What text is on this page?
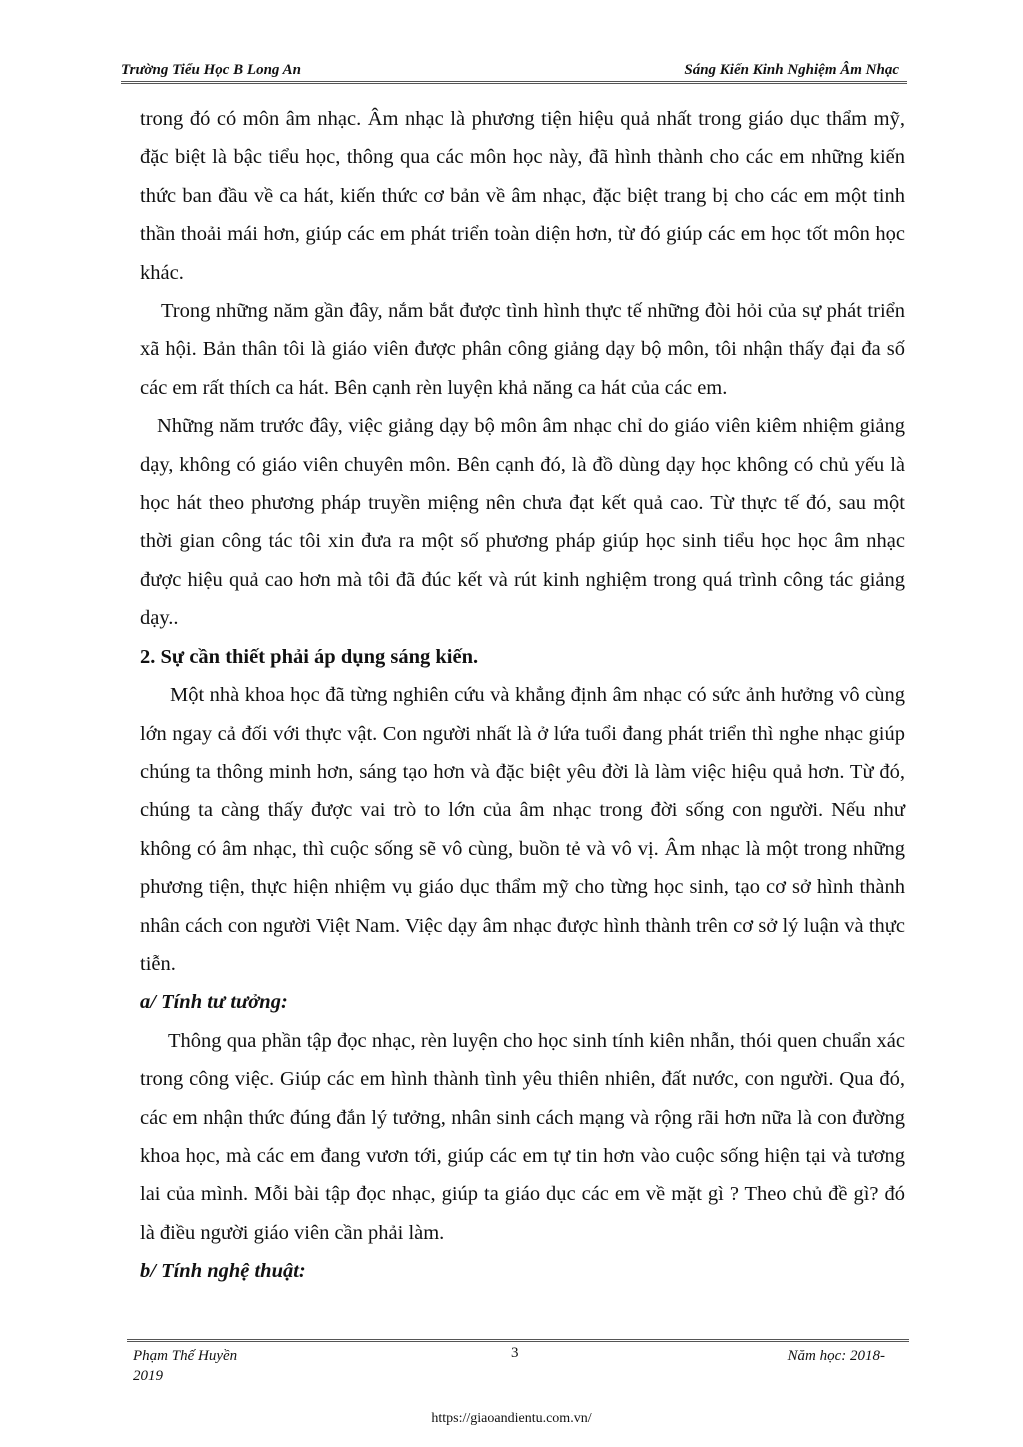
Trường Tiểu Học B Long An	Sáng Kiến Kinh Nghiệm Âm Nhạc

trong đó có môn âm nhạc. Âm nhạc là phương tiện hiệu quả nhất trong giáo dục thẩm mỹ, đặc biệt là bậc tiểu học, thông qua các môn học này, đã hình thành cho các em những kiến thức ban đầu về ca hát, kiến thức cơ bản về âm nhạc, đặc biệt trang bị cho các em một tinh thần thoải mái hơn, giúp các em phát triển toàn diện hơn, từ đó giúp các em học tốt môn học khác.

Trong những năm gần đây, nắm bắt được tình hình thực tế những đòi hỏi của sự phát triển xã hội. Bản thân tôi là giáo viên được phân công giảng dạy bộ môn, tôi nhận thấy đại đa số các em rất thích ca hát. Bên cạnh rèn luyện khả năng ca hát của các em.

Những năm trước đây, việc giảng dạy bộ môn âm nhạc chỉ do giáo viên kiêm nhiệm giảng dạy, không có giáo viên chuyên môn. Bên cạnh đó, là đồ dùng dạy học không có chủ yếu là học hát theo phương pháp truyền miệng nên chưa đạt kết quả cao. Từ thực tế đó, sau một thời gian công tác tôi xin đưa ra một số phương pháp giúp học sinh tiểu học học âm nhạc được hiệu quả cao hơn mà tôi đã đúc kết và rút kinh nghiệm trong quá trình công tác giảng dạy..

2. Sự cần thiết phải áp dụng sáng kiến.

Một nhà khoa học đã từng nghiên cứu và khẳng định âm nhạc có sức ảnh hưởng vô cùng lớn ngay cả đối với thực vật. Con người nhất là ở lứa tuổi đang phát triển thì nghe nhạc giúp chúng ta thông minh hơn, sáng tạo hơn và đặc biệt yêu đời là làm việc hiệu quả hơn. Từ đó, chúng ta càng thấy được vai trò to lớn của âm nhạc trong đời sống con người. Nếu như không có âm nhạc, thì cuộc sống sẽ vô cùng, buồn tẻ và vô vị. Âm nhạc là một trong những phương tiện, thực hiện nhiệm vụ giáo dục thẩm mỹ cho từng học sinh, tạo cơ sở hình thành nhân cách con người Việt Nam. Việc dạy âm nhạc được hình thành trên cơ sở lý luận và thực tiễn.

a/ Tính tư tưởng:

Thông qua phần tập đọc nhạc, rèn luyện cho học sinh tính kiên nhẫn, thói quen chuẩn xác trong công việc. Giúp các em hình thành tình yêu thiên nhiên, đất nước, con người. Qua đó, các em nhận thức đúng đắn lý tưởng, nhân sinh cách mạng và rộng rãi hơn nữa là con đường khoa học, mà các em đang vươn tới, giúp các em tự tin hơn vào cuộc sống hiện tại và tương lai của mình. Mỗi bài tập đọc nhạc, giúp ta giáo dục các em về mặt gì ? Theo chủ đề gì? đó là điều người giáo viên cần phải làm.

b/ Tính nghệ thuật:

Phạm Thế Huyền	3	Năm học: 2018-
2019
https://giaoandientu.com.vn/
